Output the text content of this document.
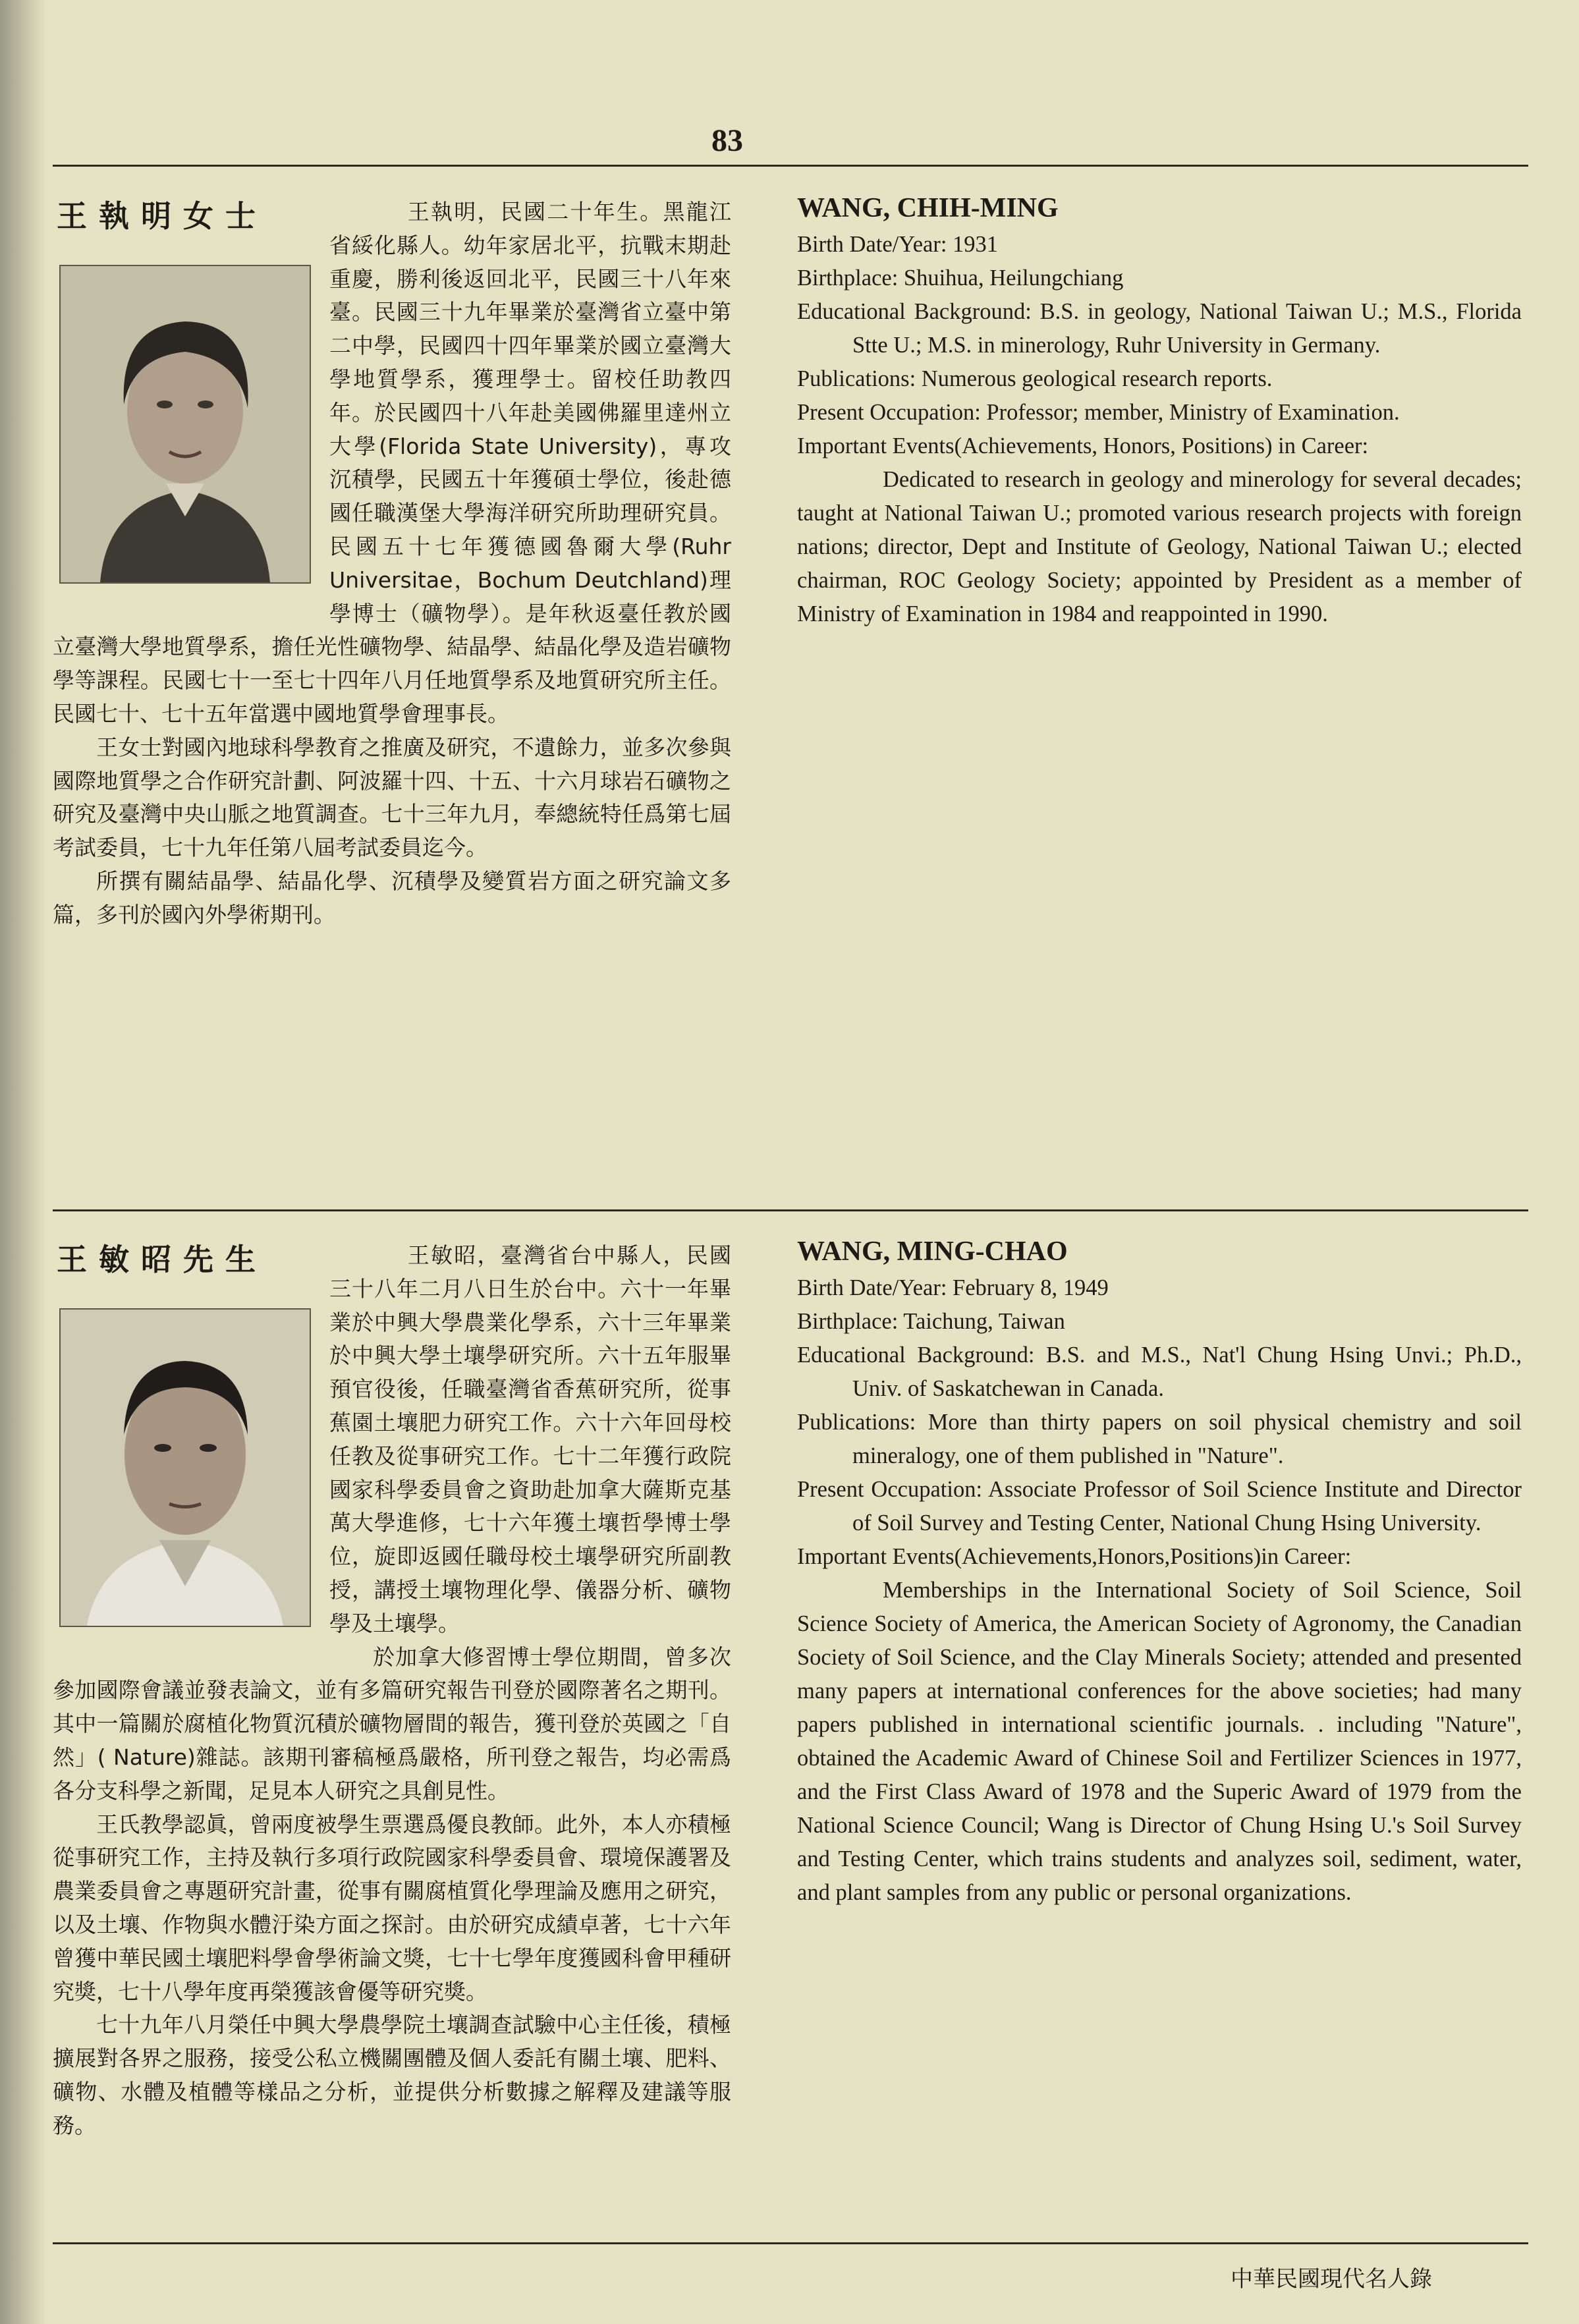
83
王執明女士	王執明，民國二十年生。黑龍江省綏化縣人。幼年家居北平，抗戰末期赴重慶，勝利後返回北平，民國三十八年來臺。民國三十九年畢業於臺灣省立臺中第二中學，民國四十四年畢業於國立臺灣大學地質學系，獲理學士。留校任助教四年。於民國四十八年赴美國佛羅里達州立大學(Florida State University)，專攻沉積學，民國五十年獲碩士學位，後赴德國任職漢堡大學海洋研究所助理研究員。民國五十七年獲德國魯爾大學(Ruhr Universitae，Bochum Deutchland)理學博士（礦物學）。是年秋返臺任教於國立臺灣大學地質學系，擔任光性礦物學、結晶學、結晶化學及造岩礦物學等課程。民國七十一至七十四年八月任地質學系及地質研究所主任。民國七十、七十五年當選中國地質學會理事長。

王女士對國內地球科學教育之推廣及研究，不遺餘力，並多次參與國際地質學之合作研究計劃、阿波羅十四、十五、十六月球岩石礦物之研究及臺灣中央山脈之地質調查。七十三年九月，奉總統特任爲第七屆考試委員，七十九年任第八屆考試委員迄今。

所撰有關結晶學、結晶化學、沉積學及變質岩方面之研究論文多篇，多刊於國內外學術期刊。

WANG, CHIH-MING

Birth Date/Year: 1931

Birthplace: Shuihua, Heilungchiang

Educational Background: B.S. in geology, National Taiwan U.; M.S., Florida Stte U.; M.S. in minerology, Ruhr University in Germany.

Publications: Numerous geological research reports.

Present Occupation: Professor; member, Ministry of Examination.

Important Events(Achievements, Honors, Positions) in Career:

Dedicated to research in geology and minerology for several decades; taught at National Taiwan U.; promoted various research projects with foreign nations; director, Dept and Institute of Geology, National Taiwan U.; elected chairman, ROC Geology Society; appointed by President as a member of Ministry of Examination in 1984 and reappointed in 1990.

王敏昭先生	王敏昭，臺灣省台中縣人，民國三十八年二月八日生於台中。六十一年畢業於中興大學農業化學系，六十三年畢業於中興大學土壤學研究所。六十五年服畢預官役後，任職臺灣省香蕉研究所，從事蕉園土壤肥力研究工作。六十六年回母校任教及從事研究工作。七十二年獲行政院國家科學委員會之資助赴加拿大薩斯克基萬大學進修，七十六年獲土壤哲學博士學位，旋即返國任職母校土壤學研究所副教授，講授土壤物理化學、儀器分析、礦物學及土壤學。

於加拿大修習博士學位期間，曾多次參加國際會議並發表論文，並有多篇研究報告刊登於國際著名之期刊。其中一篇關於腐植化物質沉積於礦物層間的報告，獲刊登於英國之「自然」( Nature)雜誌。該期刊審稿極爲嚴格，所刊登之報告，均必需爲各分支科學之新聞，足見本人研究之具創見性。

王氏教學認眞，曾兩度被學生票選爲優良教師。此外，本人亦積極從事研究工作，主持及執行多項行政院國家科學委員會、環境保護署及農業委員會之專題研究計畫，從事有關腐植質化學理論及應用之研究，以及土壤、作物與水體汙染方面之探討。由於研究成績卓著，七十六年曾獲中華民國土壤肥料學會學術論文獎，七十七學年度獲國科會甲種研究獎，七十八學年度再榮獲該會優等研究獎。

七十九年八月榮任中興大學農學院土壤調查試驗中心主任後，積極擴展對各界之服務，接受公私立機關團體及個人委託有關土壤、肥料、礦物、水體及植體等樣品之分析，並提供分析數據之解釋及建議等服務。

WANG, MING-CHAO

Birth Date/Year: February 8, 1949

Birthplace: Taichung, Taiwan

Educational Background: B.S. and M.S., Nat'l Chung Hsing Unvi.; Ph.D., Univ. of Saskatchewan in Canada.

Publications: More than thirty papers on soil physical chemistry and soil mineralogy, one of them published in "Nature".

Present Occupation: Associate Professor of Soil Science Institute and Director of Soil Survey and Testing Center, National Chung Hsing University.

Important Events(Achievements,Honors,Positions)in Career:

Memberships in the International Society of Soil Science, Soil Science Society of America, the American Society of Agronomy, the Canadian Society of Soil Science, and the Clay Minerals Society; attended and presented many papers at international conferences for the above societies; had many papers published in international scientific journals. . including "Nature", obtained the Academic Award of Chinese Soil and Fertilizer Sciences in 1977, and the First Class Award of 1978 and the Superic Award of 1979 from the National Science Council; Wang is Director of Chung Hsing U.'s Soil Survey and Testing Center, which trains students and analyzes soil, sediment, water, and plant samples from any public or personal organizations.

中華民國現代名人錄
